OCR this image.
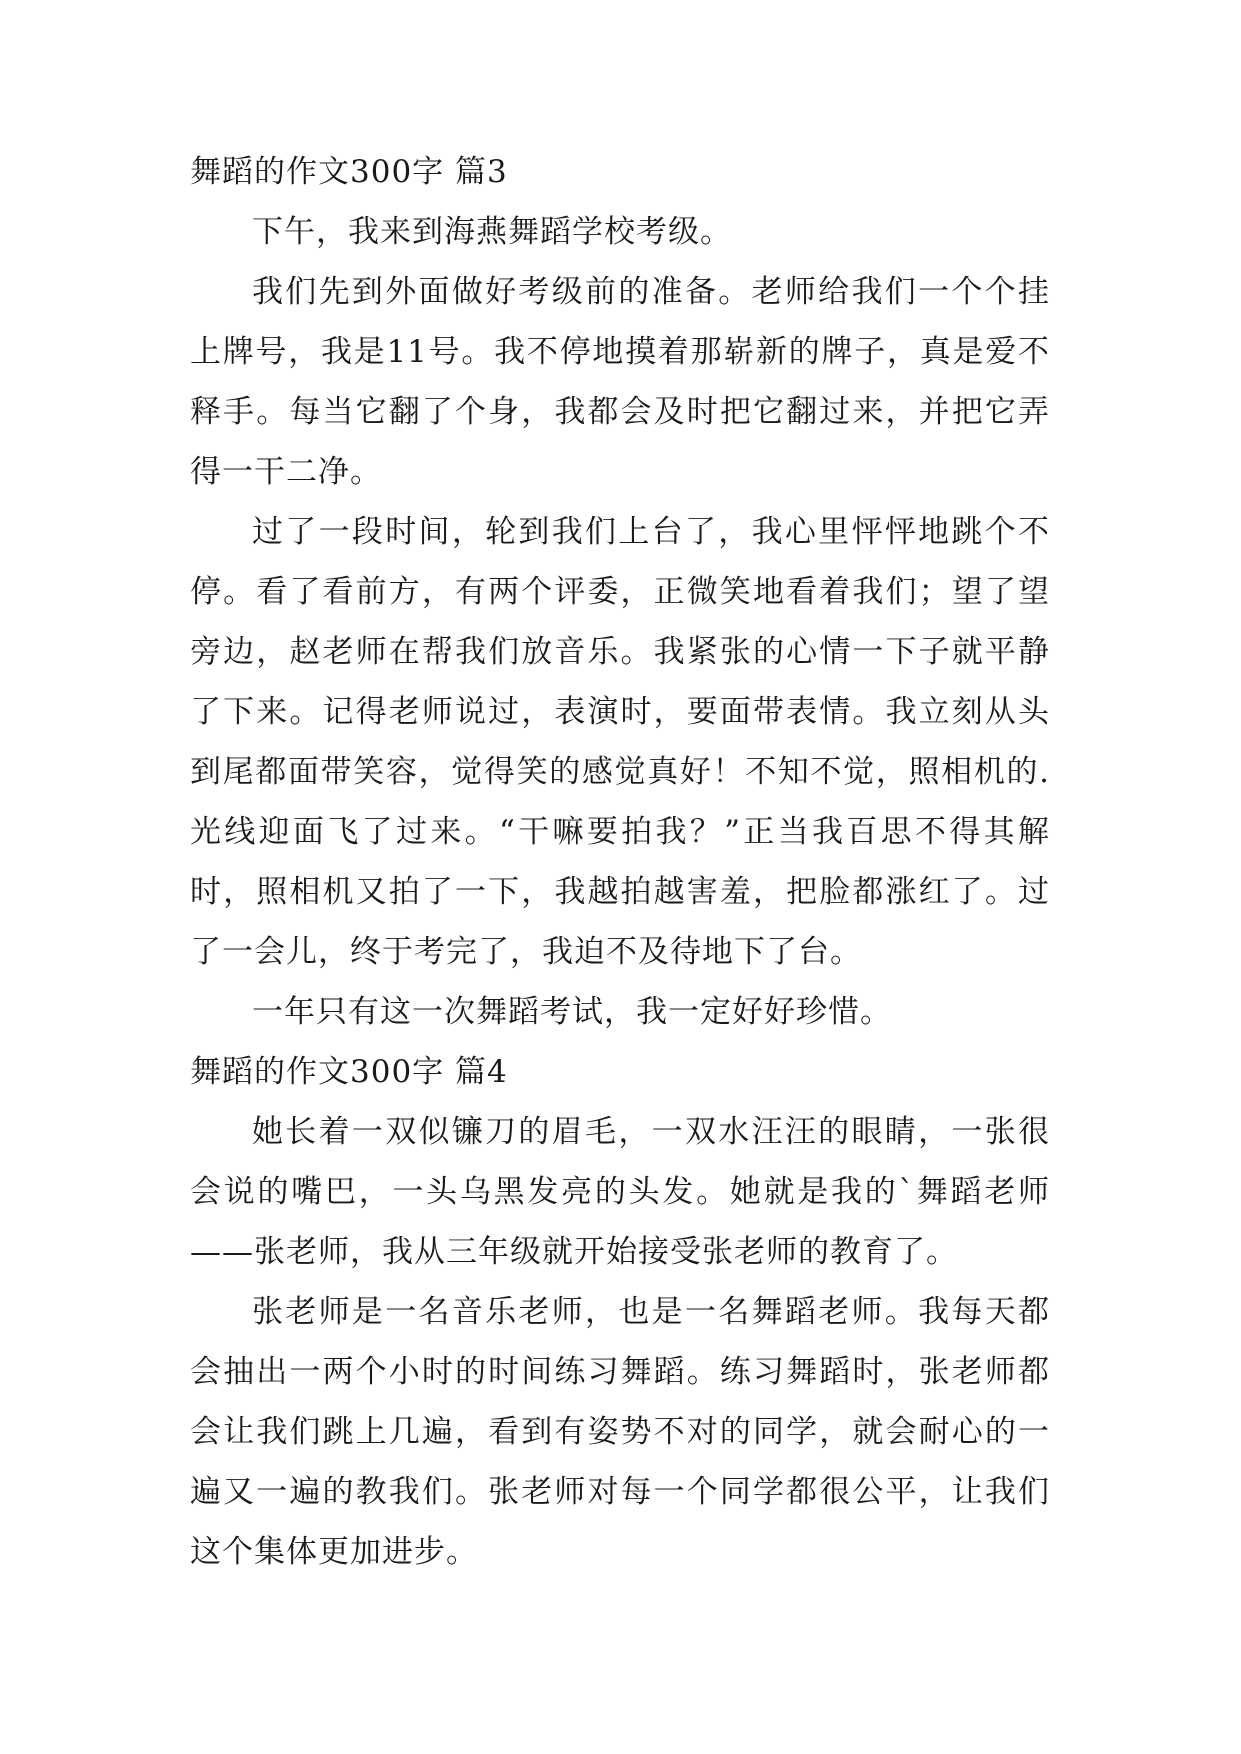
舞蹈的作文300字 篇3

下午，我来到海燕舞蹈学校考级。

我们先到外面做好考级前的准备。老师给我们一个个挂上牌号，我是11号。我不停地摸着那崭新的牌子，真是爱不释手。每当它翻了个身，我都会及时把它翻过来，并把它弄得一干二净。

过了一段时间，轮到我们上台了，我心里怦怦地跳个不停。看了看前方，有两个评委，正微笑地看着我们；望了望旁边，赵老师在帮我们放音乐。我紧张的心情一下子就平静了下来。记得老师说过，表演时，要面带表情。我立刻从头到尾都面带笑容，觉得笑的感觉真好！不知不觉，照相机的.光线迎面飞了过来。“干嘛要拍我？”正当我百思不得其解时，照相机又拍了一下，我越拍越害羞，把脸都涨红了。过了一会儿，终于考完了，我迫不及待地下了台。

一年只有这一次舞蹈考试，我一定好好珍惜。

舞蹈的作文300字 篇4

她长着一双似镰刀的眉毛，一双水汪汪的眼睛，一张很会说的嘴巴，一头乌黑发亮的头发。她就是我的`舞蹈老师——张老师，我从三年级就开始接受张老师的教育了。

张老师是一名音乐老师，也是一名舞蹈老师。我每天都会抽出一两个小时的时间练习舞蹈。练习舞蹈时，张老师都会让我们跳上几遍，看到有姿势不对的同学，就会耐心的一遍又一遍的教我们。张老师对每一个同学都很公平，让我们这个集体更加进步。
